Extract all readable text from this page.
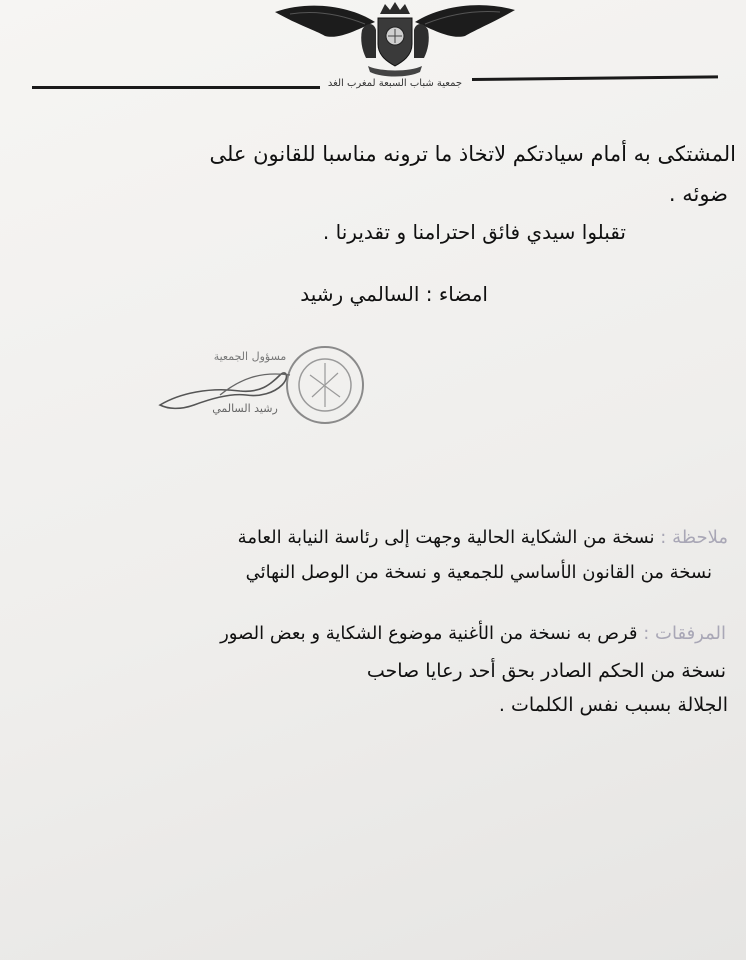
جمعية شباب السبعة لمغرب الغد
المشتكى به أمام سيادتكم لاتخاذ ما ترونه مناسبا للقانون على
ضوئه .
تقبلوا سيدي فائق احترامنا و تقديرنا .
امضاء : السالمي رشيد
مسؤول الجمعية
رشيد السالمي
ملاحظة : نسخة من الشكاية الحالية وجهت إلى رئاسة النيابة العامة
نسخة من القانون الأساسي للجمعية و نسخة من الوصل النهائي
المرفقات : قرص به نسخة من الأغنية موضوع الشكاية و بعض الصور
نسخة من الحكم الصادر بحق أحد رعايا صاحب
الجلالة بسبب نفس الكلمات .
